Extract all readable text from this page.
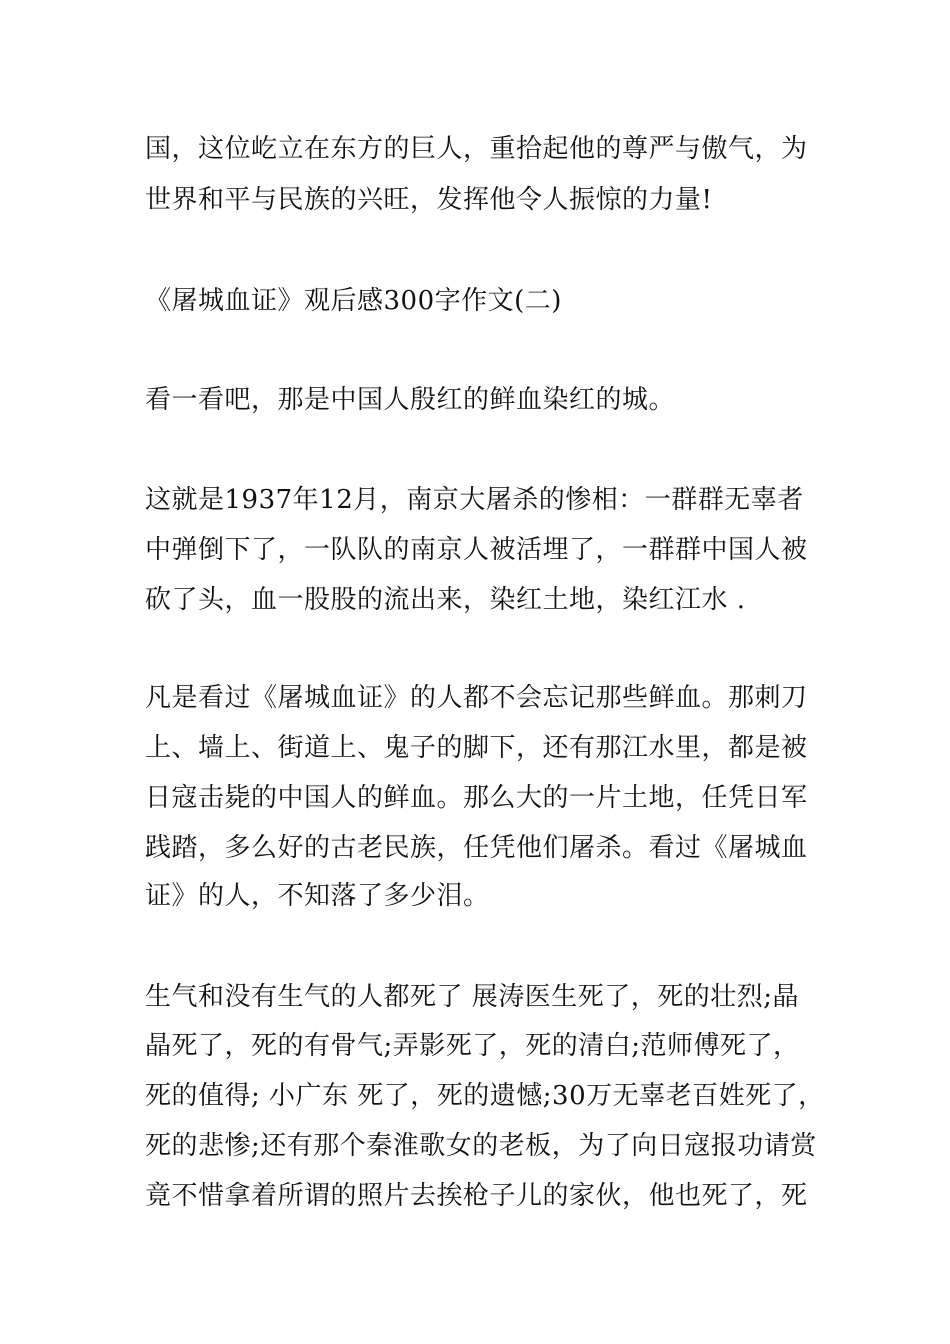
国，这位屹立在东方的巨人，重拾起他的尊严与傲气，为

世界和平与民族的兴旺，发挥他令人振惊的力量!

《屠城血证》观后感300字作文(二)

看一看吧，那是中国人殷红的鲜血染红的城。

这就是1937年12月，南京大屠杀的惨相：一群群无辜者

中弹倒下了，一队队的南京人被活埋了，一群群中国人被

砍了头，血一股股的流出来，染红土地，染红江水 .

凡是看过《屠城血证》的人都不会忘记那些鲜血。那刺刀

上、墙上、街道上、鬼子的脚下，还有那江水里，都是被

日寇击毙的中国人的鲜血。那么大的一片土地，任凭日军

践踏，多么好的古老民族，任凭他们屠杀。看过《屠城血

证》的人，不知落了多少泪。

生气和没有生气的人都死了 展涛医生死了，死的壮烈;晶

晶死了，死的有骨气;弄影死了，死的清白;范师傅死了，

死的值得; 小广东 死了，死的遗憾;30万无辜老百姓死了，

死的悲惨;还有那个秦淮歌女的老板，为了向日寇报功请赏

竟不惜拿着所谓的照片去挨枪子儿的家伙，他也死了，死
